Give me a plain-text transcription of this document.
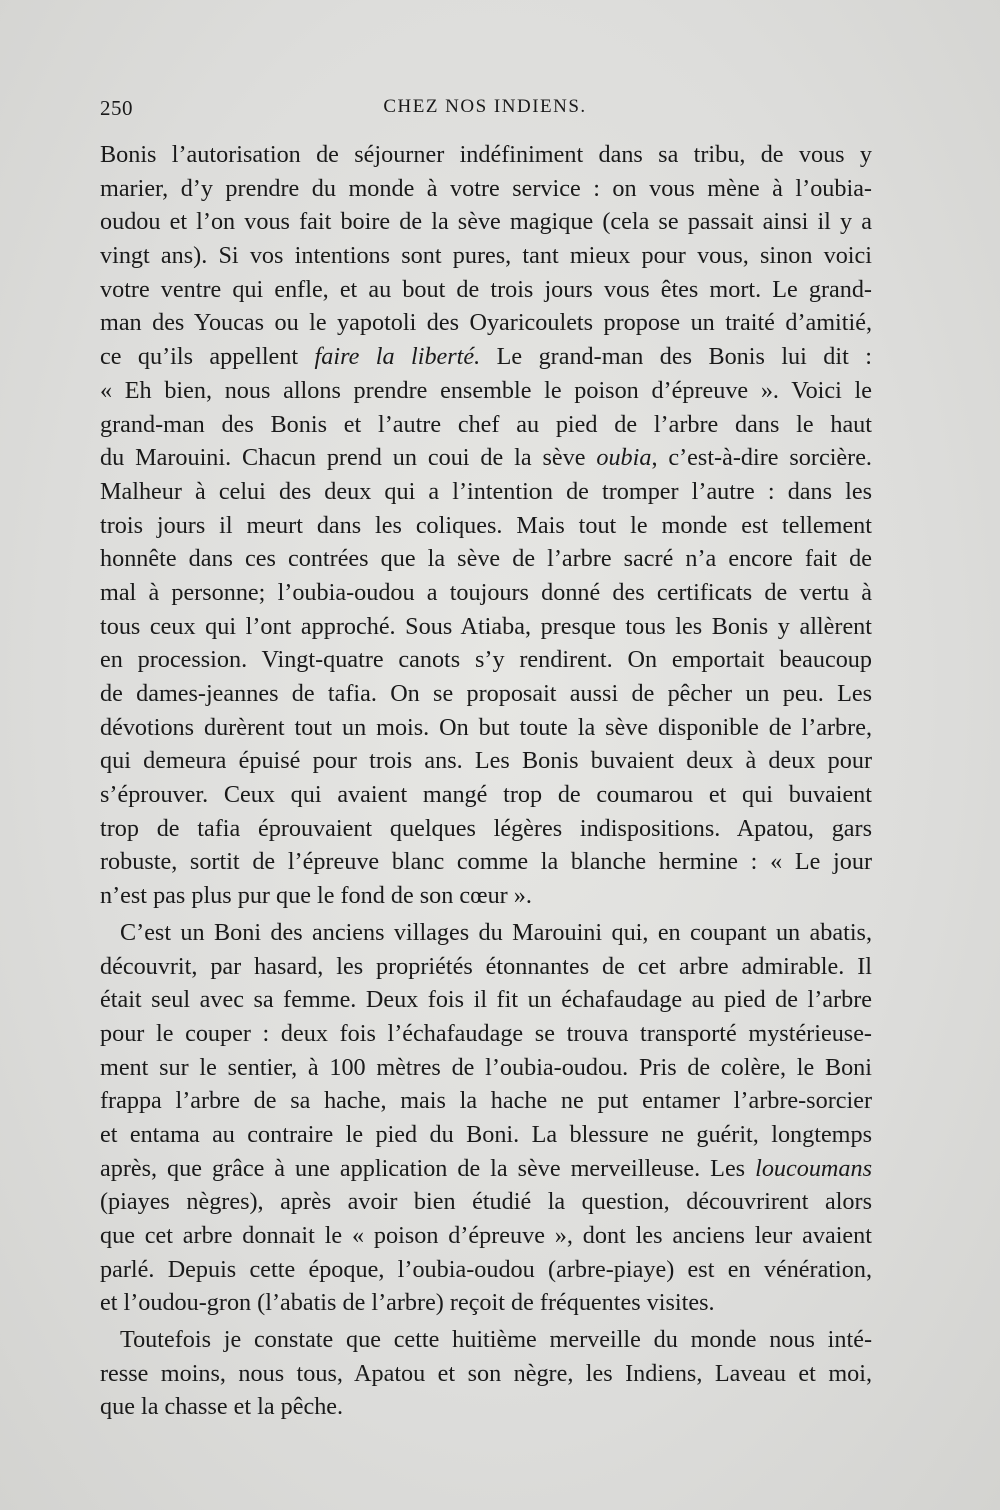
250	CHEZ NOS INDIENS.
Bonis l’autorisation de séjourner indéfiniment dans sa tribu, de vous y
marier, d’y prendre du monde à votre service : on vous mène à l’oubia-
oudou et l’on vous fait boire de la sève magique (cela se passait ainsi il y a
vingt ans). Si vos intentions sont pures, tant mieux pour vous, sinon voici
votre ventre qui enfle, et au bout de trois jours vous êtes mort. Le grand-
man des Youcas ou le yapotoli des Oyaricoulets propose un traité d’amitié,
ce qu’ils appellent faire la liberté. Le grand-man des Bonis lui dit :
« Eh bien, nous allons prendre ensemble le poison d’épreuve ». Voici le
grand-man des Bonis et l’autre chef au pied de l’arbre dans le haut
du Marouini. Chacun prend un coui de la sève oubia, c’est-à-dire sorcière.
Malheur à celui des deux qui a l’intention de tromper l’autre : dans les
trois jours il meurt dans les coliques. Mais tout le monde est tellement
honnête dans ces contrées que la sève de l’arbre sacré n’a encore fait de
mal à personne; l’oubia-oudou a toujours donné des certificats de vertu à
tous ceux qui l’ont approché. Sous Atiaba, presque tous les Bonis y allèrent
en procession. Vingt-quatre canots s’y rendirent. On emportait beaucoup
de dames-jeannes de tafia. On se proposait aussi de pêcher un peu. Les
dévotions durèrent tout un mois. On but toute la sève disponible de l’arbre,
qui demeura épuisé pour trois ans. Les Bonis buvaient deux à deux pour
s’éprouver. Ceux qui avaient mangé trop de coumarou et qui buvaient
trop de tafia éprouvaient quelques légères indispositions. Apatou, gars
robuste, sortit de l’épreuve blanc comme la blanche hermine : « Le jour
n’est pas plus pur que le fond de son cœur ».
C’est un Boni des anciens villages du Marouini qui, en coupant un abatis,
découvrit, par hasard, les propriétés étonnantes de cet arbre admirable. Il
était seul avec sa femme. Deux fois il fit un échafaudage au pied de l’arbre
pour le couper : deux fois l’échafaudage se trouva transporté mystérieuse-
ment sur le sentier, à 100 mètres de l’oubia-oudou. Pris de colère, le Boni
frappa l’arbre de sa hache, mais la hache ne put entamer l’arbre-sorcier
et entama au contraire le pied du Boni. La blessure ne guérit, longtemps
après, que grâce à une application de la sève merveilleuse. Les loucoumans
(piayes nègres), après avoir bien étudié la question, découvrirent alors
que cet arbre donnait le « poison d’épreuve », dont les anciens leur avaient
parlé. Depuis cette époque, l’oubia-oudou (arbre-piaye) est en vénération,
et l’oudou-gron (l’abatis de l’arbre) reçoit de fréquentes visites.
Toutefois je constate que cette huitième merveille du monde nous inté-
resse moins, nous tous, Apatou et son nègre, les Indiens, Laveau et moi,
que la chasse et la pêche.
